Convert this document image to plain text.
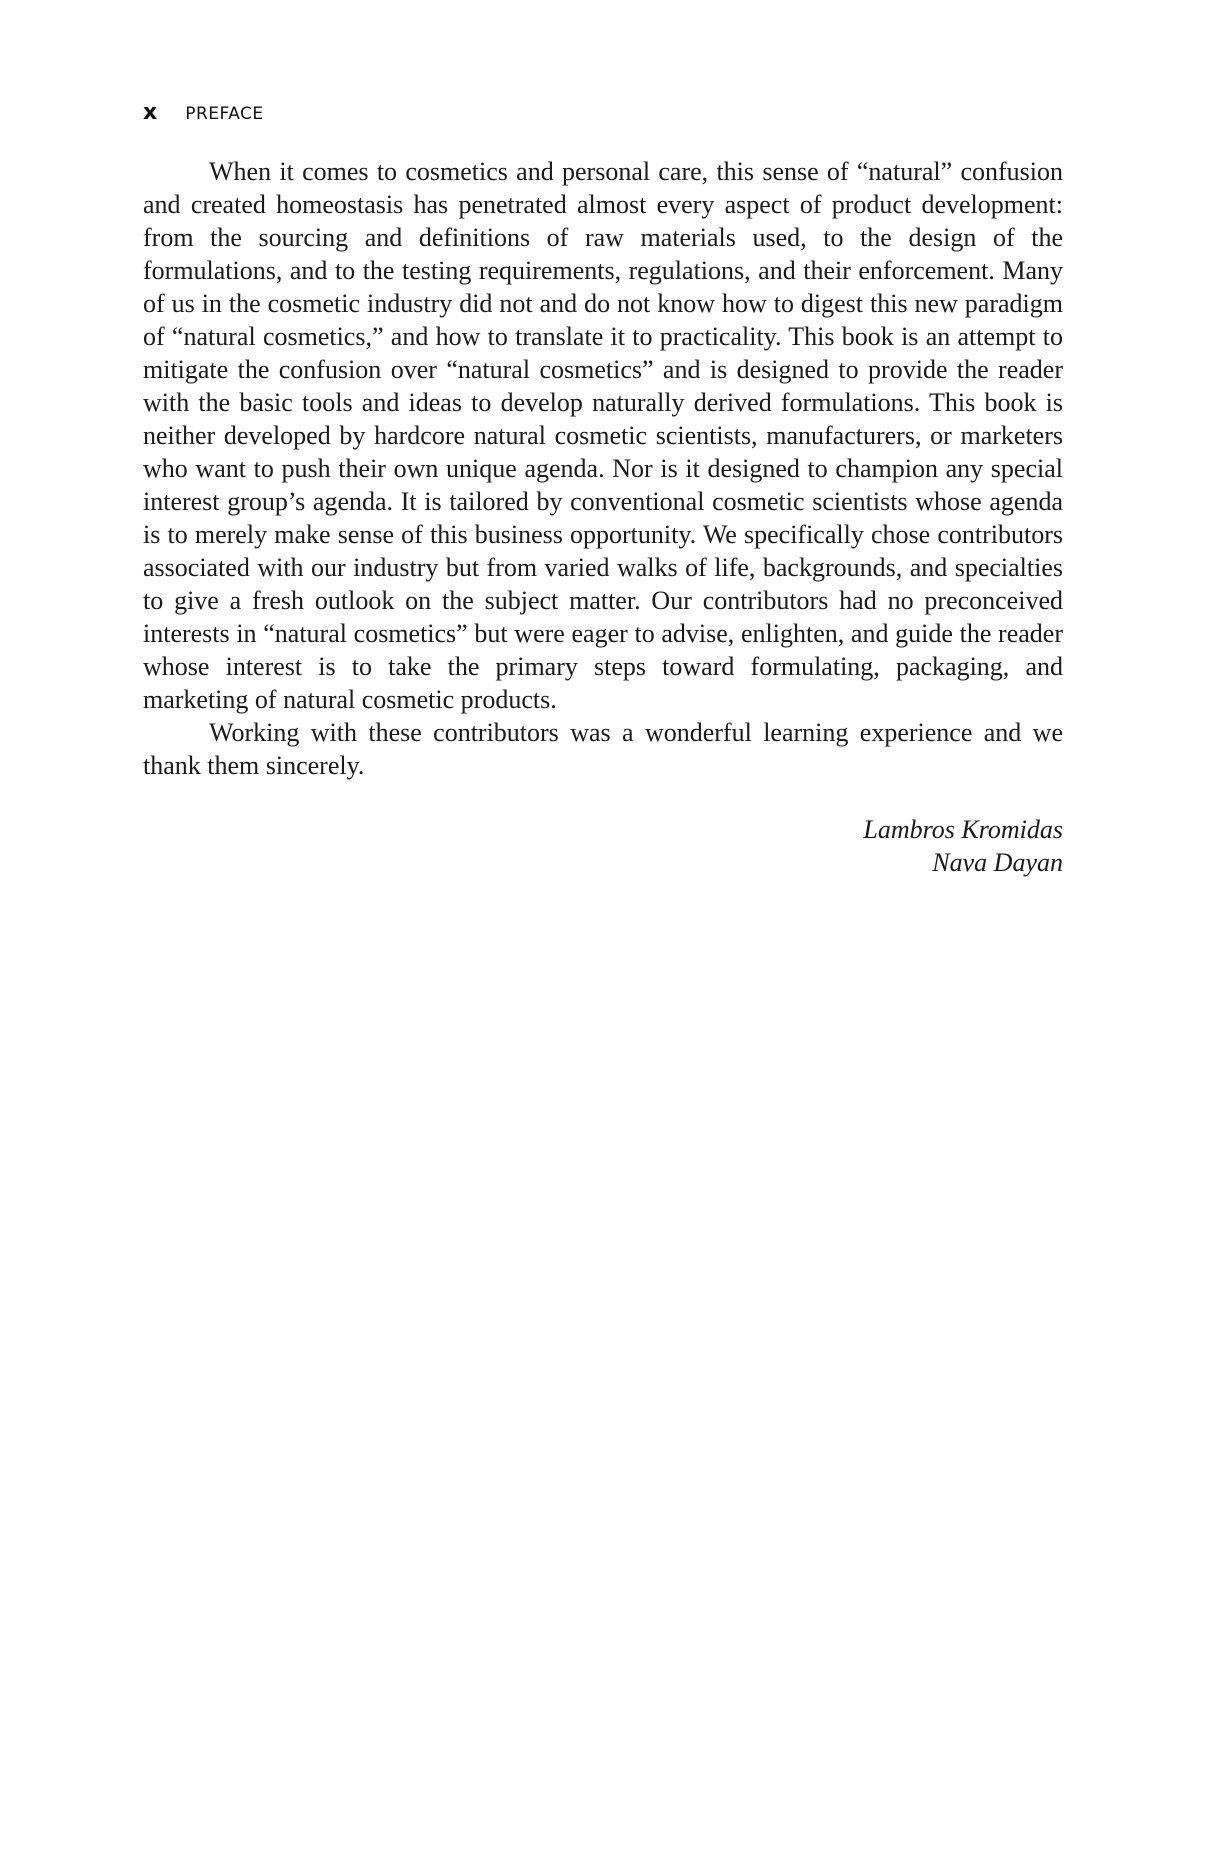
x PREFACE

When it comes to cosmetics and personal care, this sense of “natural” confusion and created homeostasis has penetrated almost every aspect of product development: from the sourcing and definitions of raw materials used, to the design of the formulations, and to the testing requirements, regulations, and their enforcement. Many of us in the cosmetic industry did not and do not know how to digest this new paradigm of “natural cosmetics,” and how to translate it to practicality. This book is an attempt to mitigate the confusion over “natural cosmetics” and is designed to provide the reader with the basic tools and ideas to develop naturally derived formulations. This book is neither developed by hardcore natural cosmetic scientists, manufacturers, or marketers who want to push their own unique agenda. Nor is it designed to champion any special interest group’s agenda. It is tailored by conventional cosmetic scientists whose agenda is to merely make sense of this business opportunity. We specifically chose contributors associated with our industry but from varied walks of life, backgrounds, and specialties to give a fresh outlook on the subject matter. Our contributors had no preconceived interests in “natural cosmetics” but were eager to advise, enlighten, and guide the reader whose interest is to take the primary steps toward formulating, packaging, and marketing of natural cosmetic products.

Working with these contributors was a wonderful learning experience and we thank them sincerely.

Lambros Kromidas
Nava Dayan
